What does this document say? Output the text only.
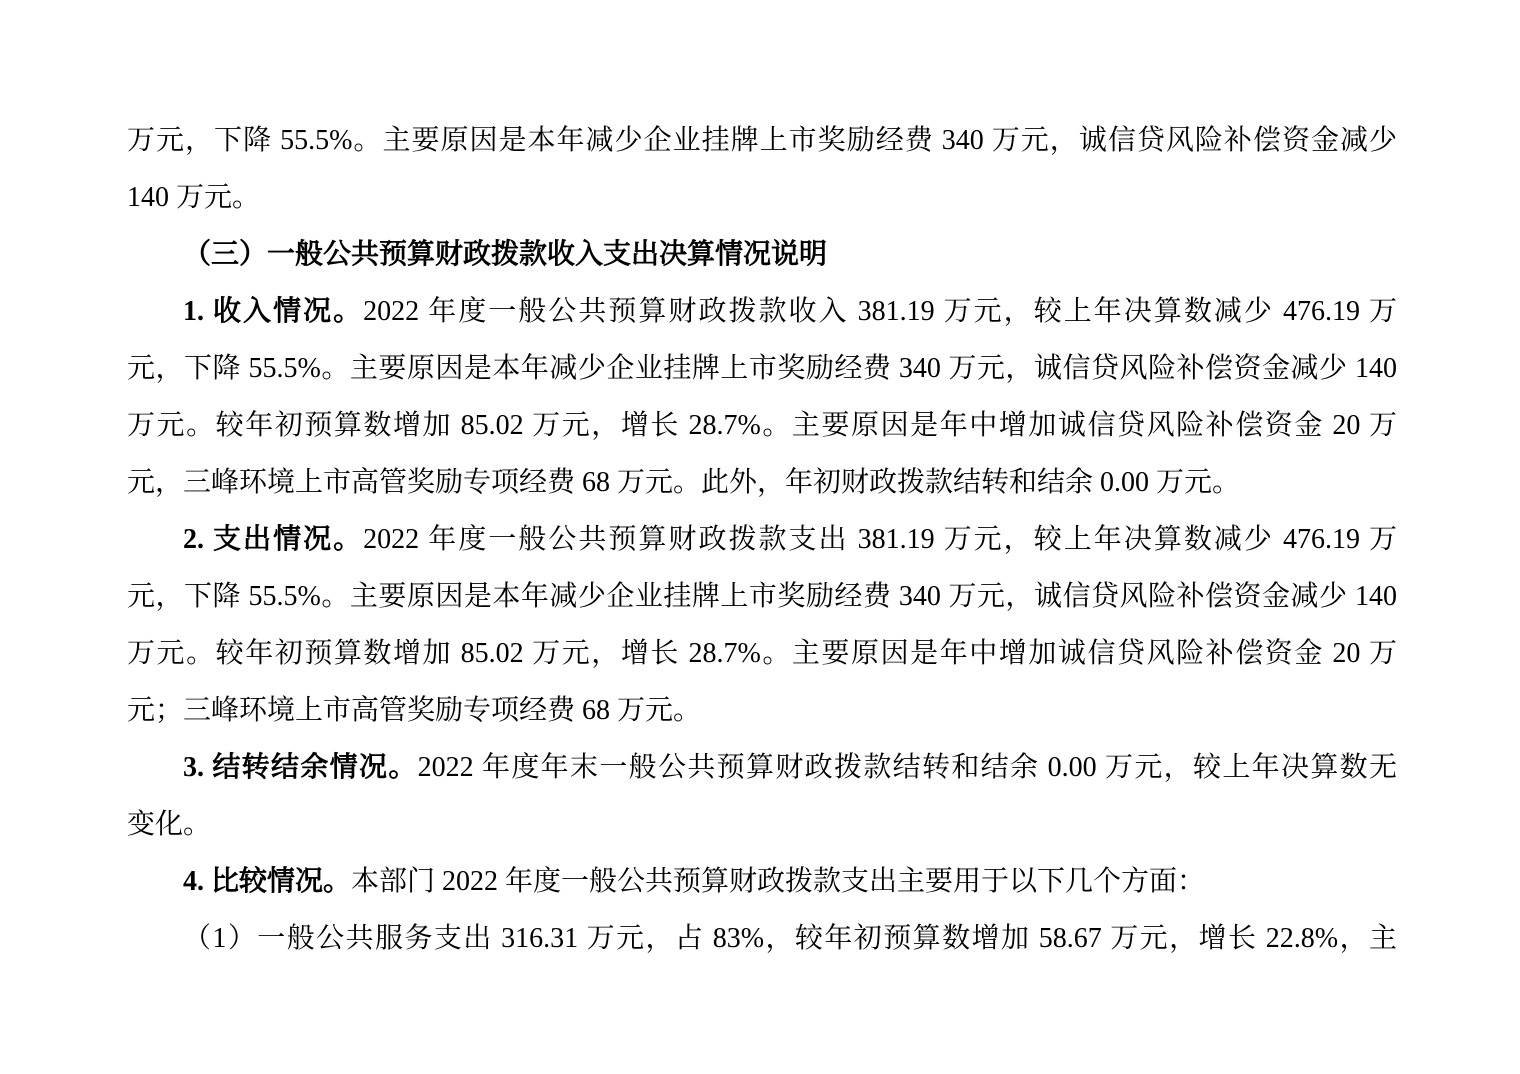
万元，下降 55.5%。主要原因是本年减少企业挂牌上市奖励经费 340 万元，诚信贷风险补偿资金减少
140 万元。
（三）一般公共预算财政拨款收入支出决算情况说明
1. 收入情况。2022 年度一般公共预算财政拨款收入 381.19 万元，较上年决算数减少 476.19 万
元，下降 55.5%。主要原因是本年减少企业挂牌上市奖励经费 340 万元，诚信贷风险补偿资金减少 140
万元。较年初预算数增加 85.02 万元，增长 28.7%。主要原因是年中增加诚信贷风险补偿资金 20 万
元，三峰环境上市高管奖励专项经费 68 万元。此外，年初财政拨款结转和结余 0.00 万元。
2. 支出情况。2022 年度一般公共预算财政拨款支出 381.19 万元，较上年决算数减少 476.19 万
元，下降 55.5%。主要原因是本年减少企业挂牌上市奖励经费 340 万元，诚信贷风险补偿资金减少 140
万元。较年初预算数增加 85.02 万元，增长 28.7%。主要原因是年中增加诚信贷风险补偿资金 20 万
元；三峰环境上市高管奖励专项经费 68 万元。
3. 结转结余情况。2022 年度年末一般公共预算财政拨款结转和结余 0.00 万元，较上年决算数无
变化。
4. 比较情况。本部门 2022 年度一般公共预算财政拨款支出主要用于以下几个方面：
（1）一般公共服务支出 316.31 万元，占 83%，较年初预算数增加 58.67 万元，增长 22.8%，主
